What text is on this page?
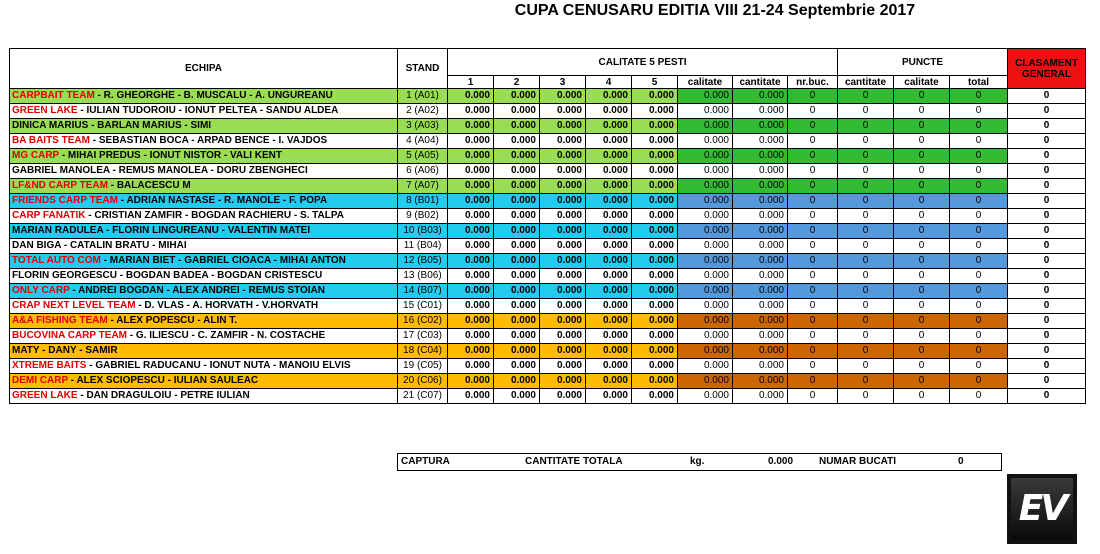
CUPA CENUSARU EDITIA VIII 21-24 Septembrie 2017
ECHIPA	STAND	CALITATE 5 PESTI								PUNCTE			CLASAMENT GENERAL
		1	2	3	4	5	calitate	cantitate	nr.buc.	cantitate	calitate	total	
CARPBAIT TEAM - R. GHEORGHE - B. MUSCALU - A. UNGUREANU	1 (A01)	0.000	0.000	0.000	0.000	0.000	0.000	0.000	0	0	0	0	0
GREEN LAKE - IULIAN TUDOROIU - IONUT PELTEA - SANDU ALDEA	2 (A02)	0.000	0.000	0.000	0.000	0.000	0.000	0.000	0	0	0	0	0
DINICA MARIUS - BARLAN MARIUS - SIMI	3 (A03)	0.000	0.000	0.000	0.000	0.000	0.000	0.000	0	0	0	0	0
BA BAITS TEAM - SEBASTIAN BOCA - ARPAD BENCE - I. VAJDOS	4 (A04)	0.000	0.000	0.000	0.000	0.000	0.000	0.000	0	0	0	0	0
MG CARP - MIHAI PREDUS - IONUT NISTOR - VALI KENT	5 (A05)	0.000	0.000	0.000	0.000	0.000	0.000	0.000	0	0	0	0	0
GABRIEL MANOLEA - REMUS MANOLEA - DORU ZBENGHECI	6 (A06)	0.000	0.000	0.000	0.000	0.000	0.000	0.000	0	0	0	0	0
LF&ND CARP TEAM - BALACESCU M	7 (A07)	0.000	0.000	0.000	0.000	0.000	0.000	0.000	0	0	0	0	0
FRIENDS CARP TEAM - ADRIAN NASTASE - R. MANOLE - F. POPA	8 (B01)	0.000	0.000	0.000	0.000	0.000	0.000	0.000	0	0	0	0	0
CARP FANATIK - CRISTIAN ZAMFIR - BOGDAN RACHIERU - S. TALPA	9 (B02)	0.000	0.000	0.000	0.000	0.000	0.000	0.000	0	0	0	0	0
MARIAN RADULEA - FLORIN LINGUREANU - VALENTIN MATEI	10 (B03)	0.000	0.000	0.000	0.000	0.000	0.000	0.000	0	0	0	0	0
DAN BIGA - CATALIN BRATU - MIHAI	11 (B04)	0.000	0.000	0.000	0.000	0.000	0.000	0.000	0	0	0	0	0
TOTAL AUTO COM - MARIAN BIET - GABRIEL CIOACA - MIHAI ANTON	12 (B05)	0.000	0.000	0.000	0.000	0.000	0.000	0.000	0	0	0	0	0
FLORIN GEORGESCU - BOGDAN BADEA - BOGDAN CRISTESCU	13 (B06)	0.000	0.000	0.000	0.000	0.000	0.000	0.000	0	0	0	0	0
ONLY CARP - ANDREI BOGDAN - ALEX ANDREI - REMUS STOIAN	14 (B07)	0.000	0.000	0.000	0.000	0.000	0.000	0.000	0	0	0	0	0
CRAP NEXT LEVEL TEAM - D. VLAS - A. HORVATH - V.HORVATH	15 (C01)	0.000	0.000	0.000	0.000	0.000	0.000	0.000	0	0	0	0	0
A&A FISHING TEAM - ALEX POPESCU - ALIN T.	16 (C02)	0.000	0.000	0.000	0.000	0.000	0.000	0.000	0	0	0	0	0
BUCOVINA CARP TEAM - G. ILIESCU - C. ZAMFIR - N. COSTACHE	17 (C03)	0.000	0.000	0.000	0.000	0.000	0.000	0.000	0	0	0	0	0
MATY - DANY - SAMIR	18 (C04)	0.000	0.000	0.000	0.000	0.000	0.000	0.000	0	0	0	0	0
XTREME BAITS - GABRIEL RADUCANU - IONUT NUTA - MANOIU ELVIS	19 (C05)	0.000	0.000	0.000	0.000	0.000	0.000	0.000	0	0	0	0	0
DEMI CARP - ALEX SCIOPESCU - IULIAN SAULEAC	20 (C06)	0.000	0.000	0.000	0.000	0.000	0.000	0.000	0	0	0	0	0
GREEN LAKE - DAN DRAGULOIU - PETRE IULIAN	21 (C07)	0.000	0.000	0.000	0.000	0.000	0.000	0.000	0	0	0	0	0
CAPTURA	CANTITATE TOTALA	kg.	0.000	NUMAR BUCATI	0
EV
